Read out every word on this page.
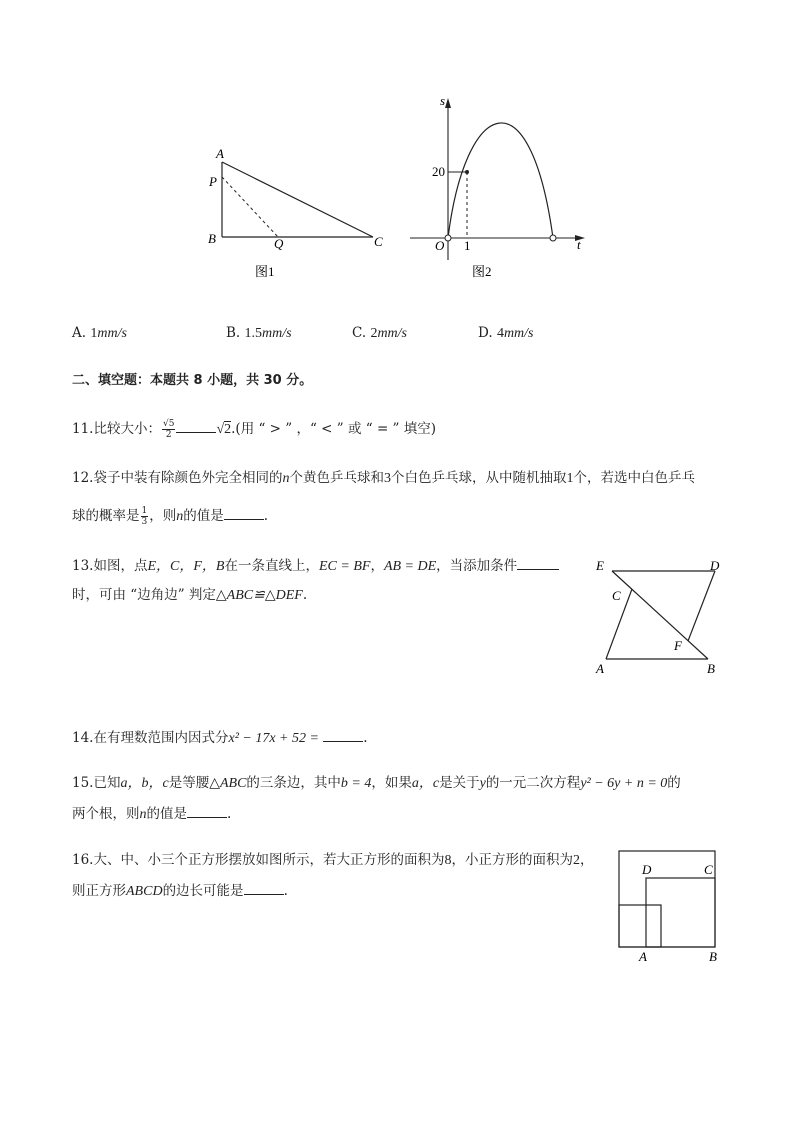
A
P
B	Q	C
图1
s
20
O 1	t
图2
A. 1mm/s	B. 1.5mm/s	C. 2mm/s	D. 4mm/s
二、填空题：本题共 8 小题，共 30 分。
11.比较大小： $\frac{√5}{2}$	√2.(用 “ > ” ，“ < ” 或 “ = ” 填空)
12.袋子中装有除颜色外完全相同的n个黄色乒乓球和3个白色乒乓球，从中随机抽取1个，若选中白色乒乓
球的概率是 $\frac{1}{3}$ ，则n的值是	.
13.如图，点E，C，F，B在一条直线上，EC = BF，AB = DE，当添加条件
时，可由 “边角边” 判定△ABC≌△DEF.
E	D
C
F
A	B
14.在有理数范围内因式分x² − 17x + 52 =	.
15.已知a，b，c是等腰△ABC的三条边，其中b = 4，如果a，c是关于y的一元二次方程y² − 6y + n = 0的
两个根，则n的值是	.
16.大、中、小三个正方形摆放如图所示，若大正方形的面积为8，小正方形的面积为2，
则正方形ABCD的边长可能是	.
D	C
A	B
